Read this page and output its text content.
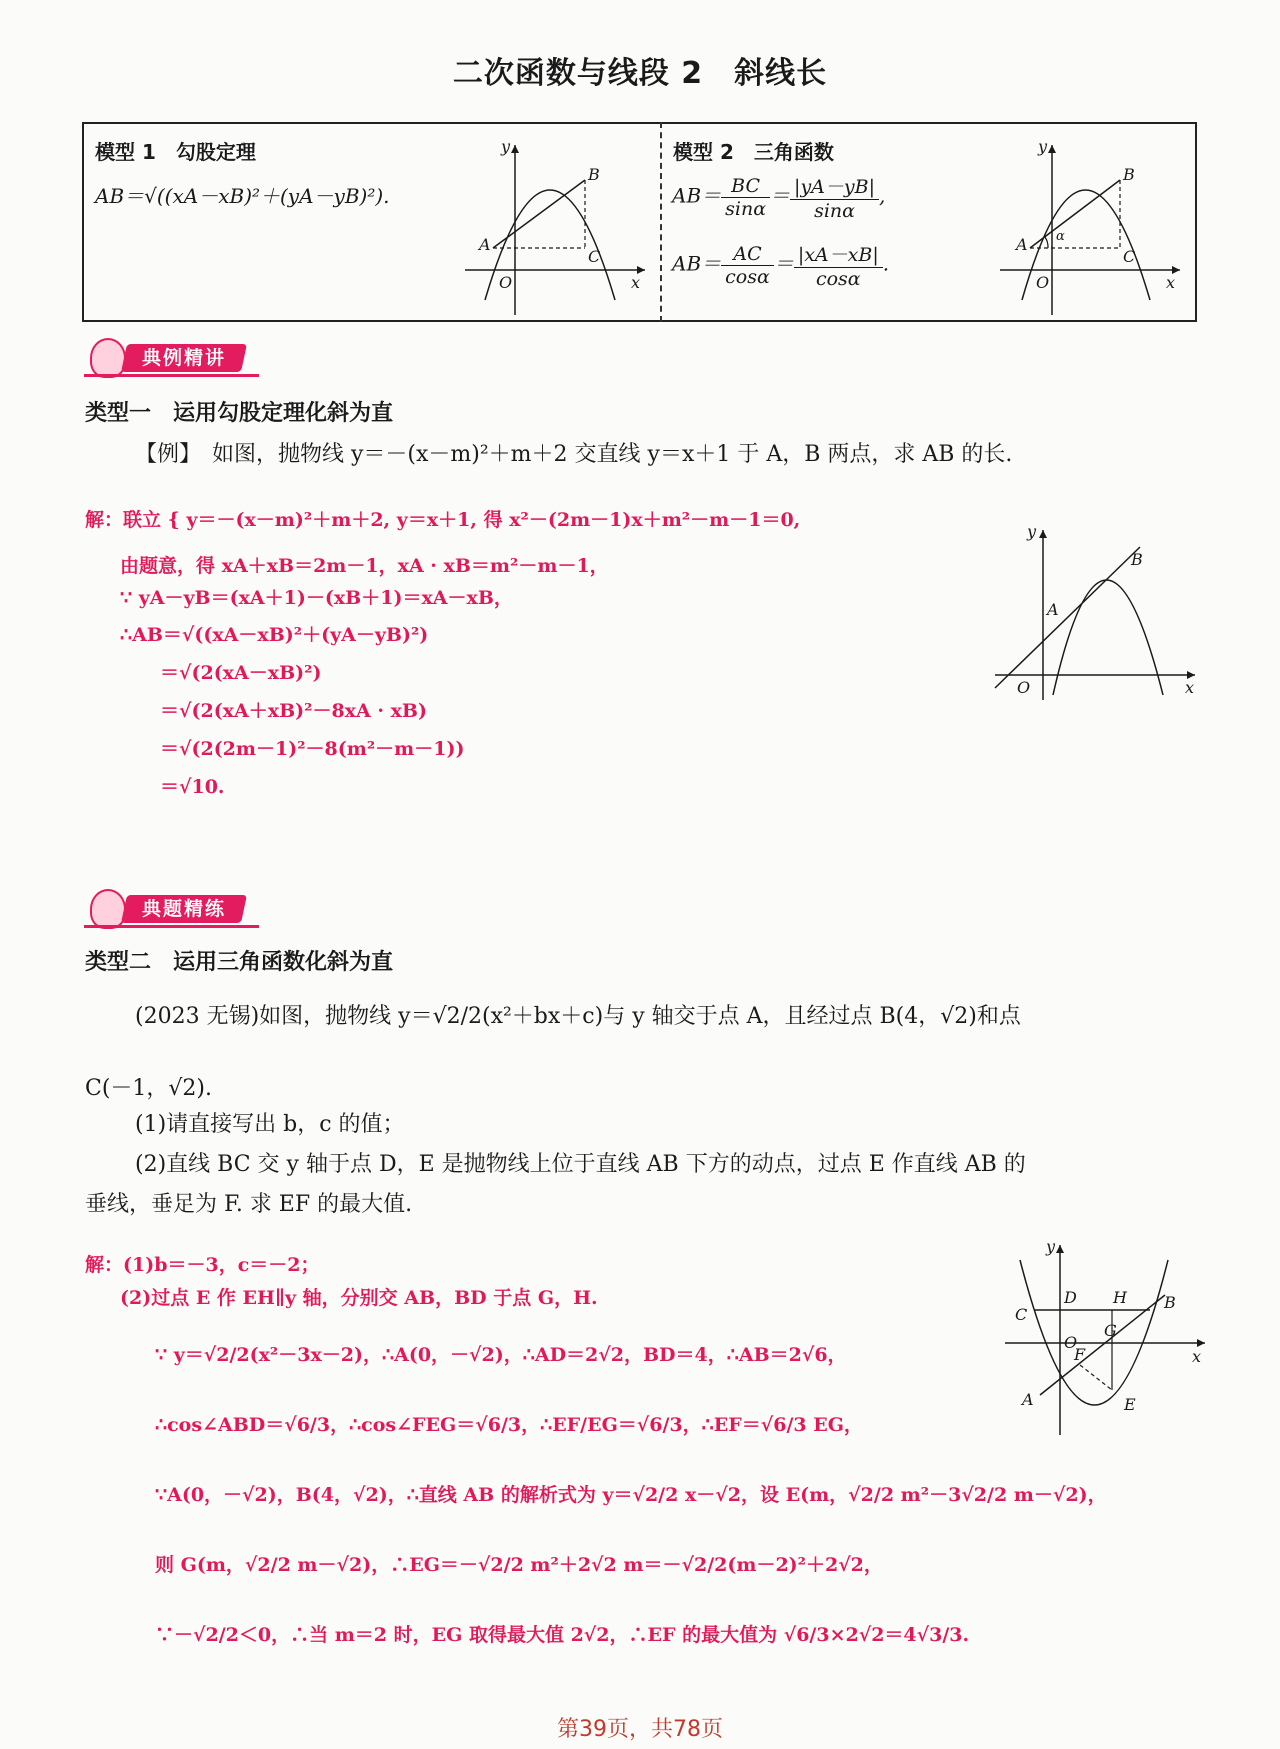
二次函数与线段 2　斜线长
模型 1　勾股定理
AB＝√((xA－xB)²＋(yA－yB)²).
y
x
O
A
B
C
模型 2　三角函数
$AB= \frac{BC}{\sin\alpha} = \frac{|yA-yB|}{\sin\alpha}$ ,
$AB= \frac{AC}{\cos\alpha} = \frac{|xA-xB|}{\cos\alpha}$ .
y
x
O
A
B
C
α
典例精讲
类型一　运用勾股定理化斜为直
【例】　如图，抛物线 y＝－(x－m)²＋m＋2 交直线 y＝x＋1 于 A，B 两点，求 AB 的长.
解：联立 { y＝－(x－m)²＋m＋2, y＝x＋1, 得 x²－(2m－1)x＋m²－m－1＝0,
由题意，得 xA＋xB＝2m－1，xA · xB＝m²－m－1，
∵ yA－yB＝(xA＋1)－(xB＋1)＝xA－xB，
∴AB＝√((xA－xB)²＋(yA－yB)²)
＝√(2(xA－xB)²)
＝√(2(xA＋xB)²－8xA · xB)
＝√(2(2m－1)²－8(m²－m－1))
＝√10.
y
x
O
A
B
典题精练
类型二　运用三角函数化斜为直
(2023 无锡)如图，抛物线 y＝√2/2(x²＋bx＋c)与 y 轴交于点 A，且经过点 B(4，√2)和点
C(－1，√2).
(1)请直接写出 b，c 的值；
(2)直线 BC 交 y 轴于点 D，E 是抛物线上位于直线 AB 下方的动点，过点 E 作直线 AB 的
垂线，垂足为 F. 求 EF 的最大值.
解：(1)b＝－3，c＝－2；
(2)过点 E 作 EH∥y 轴，分别交 AB，BD 于点 G，H.
∵ y＝√2/2(x²－3x－2)，∴A(0，－√2)，∴AD＝2√2，BD＝4，∴AB＝2√6，
∴cos∠ABD＝√6/3，∴cos∠FEG＝√6/3，∴EF/EG＝√6/3，∴EF＝√6/3 EG，
∵A(0，－√2)，B(4，√2)，∴直线 AB 的解析式为 y＝√2/2 x－√2，设 E(m，√2/2 m²－3√2/2 m－√2)，
则 G(m，√2/2 m－√2)，∴EG＝－√2/2 m²＋2√2 m＝－√2/2(m－2)²＋2√2，
∵－√2/2＜0，∴当 m＝2 时，EG 取得最大值 2√2，∴EF 的最大值为 √6/3×2√2＝4√3/3.
y
x
O
A
B
C
D
E
F
G
H
第39页，共78页
